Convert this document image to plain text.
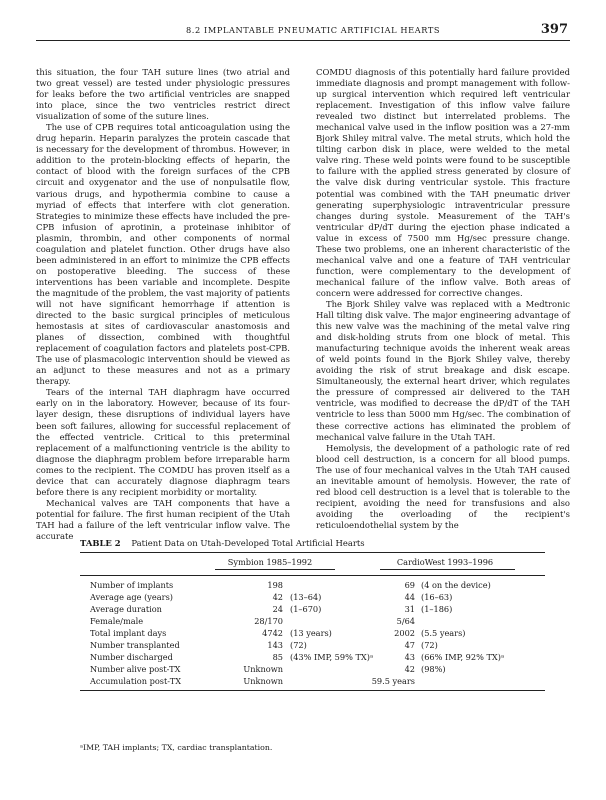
8.2 IMPLANTABLE PNEUMATIC ARTIFICIAL HEARTS	397

this situation, the four TAH suture lines (two atrial and two great vessel) are tested under physiologic pressures for leaks before the two artificial ventricles are snapped into place, since the two ventricles restrict direct visualization of some of the suture lines.

The use of CPB requires total anticoagulation using the drug heparin. Heparin paralyzes the protein cascade that is necessary for the development of thrombus. However, in addition to the protein-blocking effects of heparin, the contact of blood with the foreign surfaces of the CPB circuit and oxygenator and the use of nonpulsatile flow, various drugs, and hypothermia combine to cause a myriad of effects that interfere with clot generation. Strategies to minimize these effects have included the pre-CPB infusion of aprotinin, a proteinase inhibitor of plasmin, thrombin, and other components of normal coagulation and platelet function. Other drugs have also been administered in an effort to minimize the CPB effects on postoperative bleeding. The success of these interventions has been variable and incomplete. Despite the magnitude of the problem, the vast majority of patients will not have significant hemorrhage if attention is directed to the basic surgical principles of meticulous hemostasis at sites of cardiovascular anastomosis and planes of dissection, combined with thoughtful replacement of coagulation factors and platelets post-CPB. The use of plasmacologic intervention should be viewed as an adjunct to these measures and not as a primary therapy.

Tears of the internal TAH diaphragm have occurred early on in the laboratory. However, because of its four-layer design, these disruptions of individual layers have been soft failures, allowing for successful replacement of the effected ventricle. Critical to this preterminal replacement of a malfunctioning ventricle is the ability to diagnose the diaphragm problem before irreparable harm comes to the recipient. The COMDU has proven itself as a device that can accurately diagnose diaphragm tears before there is any recipient morbidity or mortality.

Mechanical valves are TAH components that have a potential for failure. The first human recipient of the Utah TAH had a failure of the left ventricular inflow valve. The accurate

COMDU diagnosis of this potentially hard failure provided immediate diagnosis and prompt management with follow-up surgical intervention which required left ventricular replacement. Investigation of this inflow valve failure revealed two distinct but interrelated problems. The mechanical valve used in the inflow position was a 27-mm Bjork Shiley mitral valve. The metal struts, which hold the tilting carbon disk in place, were welded to the metal valve ring. These weld points were found to be susceptible to failure with the applied stress generated by closure of the valve disk during ventricular systole. This fracture potential was combined with the TAH pneumatic driver generating superphysiologic intraventricular pressure changes during systole. Measurement of the TAH's ventricular dP/dT during the ejection phase indicated a value in excess of 7500 mm Hg/sec pressure change. These two problems, one an inherent characteristic of the mechanical valve and one a feature of TAH ventricular function, were complementary to the development of mechanical failure of the inflow valve. Both areas of concern were addressed for corrective changes.

The Bjork Shiley valve was replaced with a Medtronic Hall tilting disk valve. The major engineering advantage of this new valve was the machining of the metal valve ring and disk-holding struts from one block of metal. This manufacturing technique avoids the inherent weak areas of weld points found in the Bjork Shiley valve, thereby avoiding the risk of strut breakage and disk escape. Simultaneously, the external heart driver, which regulates the pressure of compressed air delivered to the TAH ventricle, was modified to decrease the dP/dT of the TAH ventricle to less than 5000 mm Hg/sec. The combination of these corrective actions has eliminated the problem of mechanical valve failure in the Utah TAH.

Hemolysis, the development of a pathologic rate of red blood cell destruction, is a concern for all blood pumps. The use of four mechanical valves in the Utah TAH caused an inevitable amount of hemolysis. However, the rate of red blood cell destruction is a level that is tolerable to the recipient, avoiding the need for transfusions and also avoiding the overloading of the recipient's reticuloendothelial system by the

TABLE 2 Patient Data on Utah-Developed Total Artificial Hearts
Symbion 1985–1992	CardioWest 1993–1996
Number of implants	198	69 (4 on the device)
Average age (years)	42 (13–64)	44 (16–63)
Average duration	24 (1–670)	31 (1–186)
Female/male	28/170	5/64
Total implant days	4742 (13 years)	2002 (5.5 years)
Number transplanted	143 (72)	47 (72)
Number discharged	85 (43% IMP, 59% TX)ᵃ	43 (66% IMP, 92% TX)ᵃ
Number alive post-TX	Unknown	42 (98%)
Accumulation post-TX	Unknown	59.5 years
ᵃIMP, TAH implants; TX, cardiac transplantation.
